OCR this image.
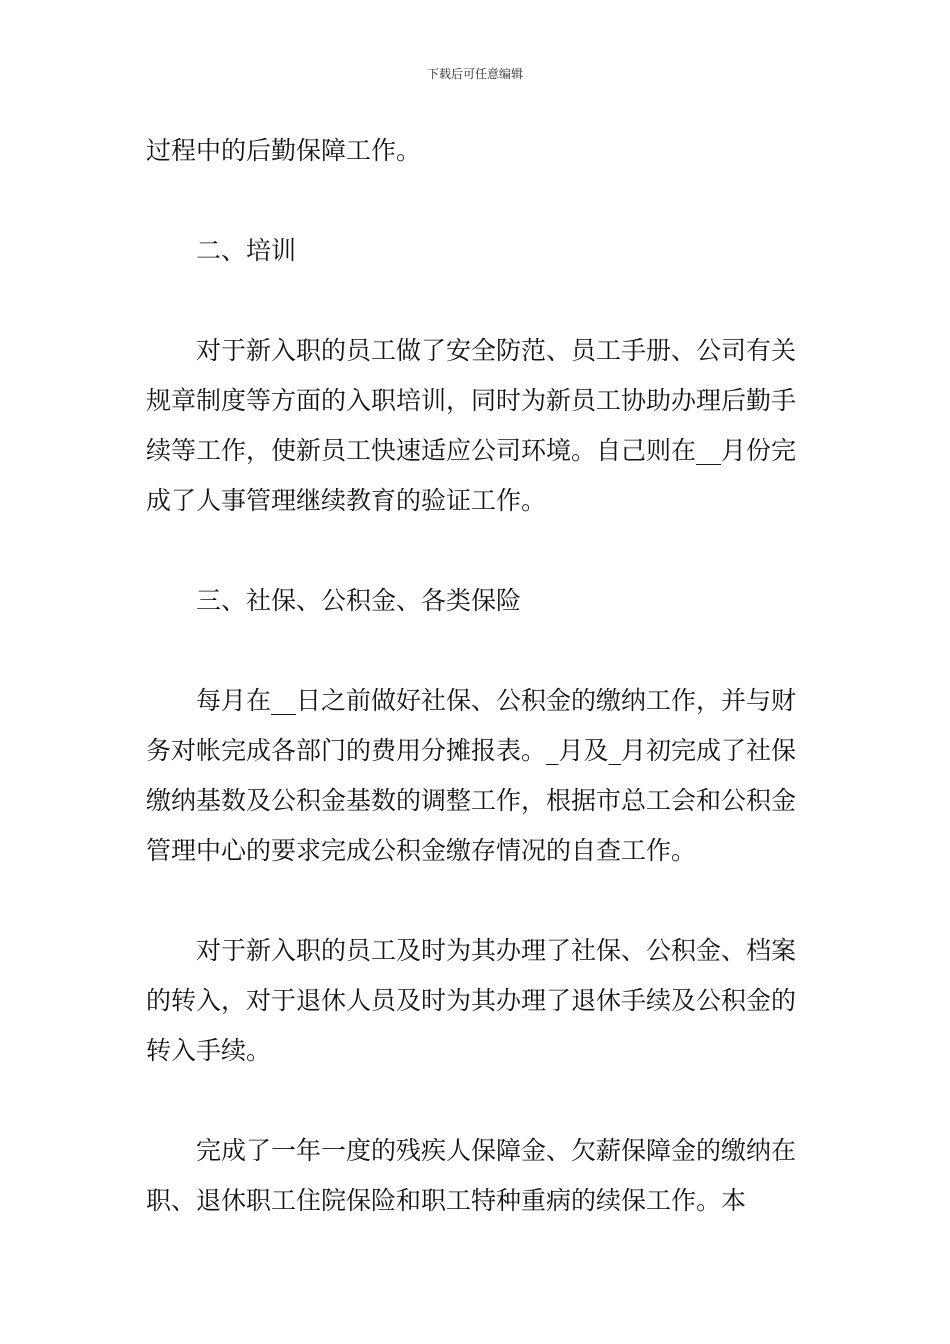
下载后可任意编辑

过程中的后勤保障工作。

二、培训

对于新入职的员工做了安全防范、员工手册、公司有关规章制度等方面的入职培训，同时为新员工协助办理后勤手续等工作，使新员工快速适应公司环境。自己则在__月份完成了人事管理继续教育的验证工作。

三、社保、公积金、各类保险

每月在__日之前做好社保、公积金的缴纳工作，并与财务对帐完成各部门的费用分摊报表。_月及_月初完成了社保缴纳基数及公积金基数的调整工作，根据市总工会和公积金管理中心的要求完成公积金缴存情况的自查工作。

对于新入职的员工及时为其办理了社保、公积金、档案的转入，对于退休人员及时为其办理了退休手续及公积金的转入手续。

完成了一年一度的残疾人保障金、欠薪保障金的缴纳在职、退休职工住院保险和职工特种重病的续保工作。本
